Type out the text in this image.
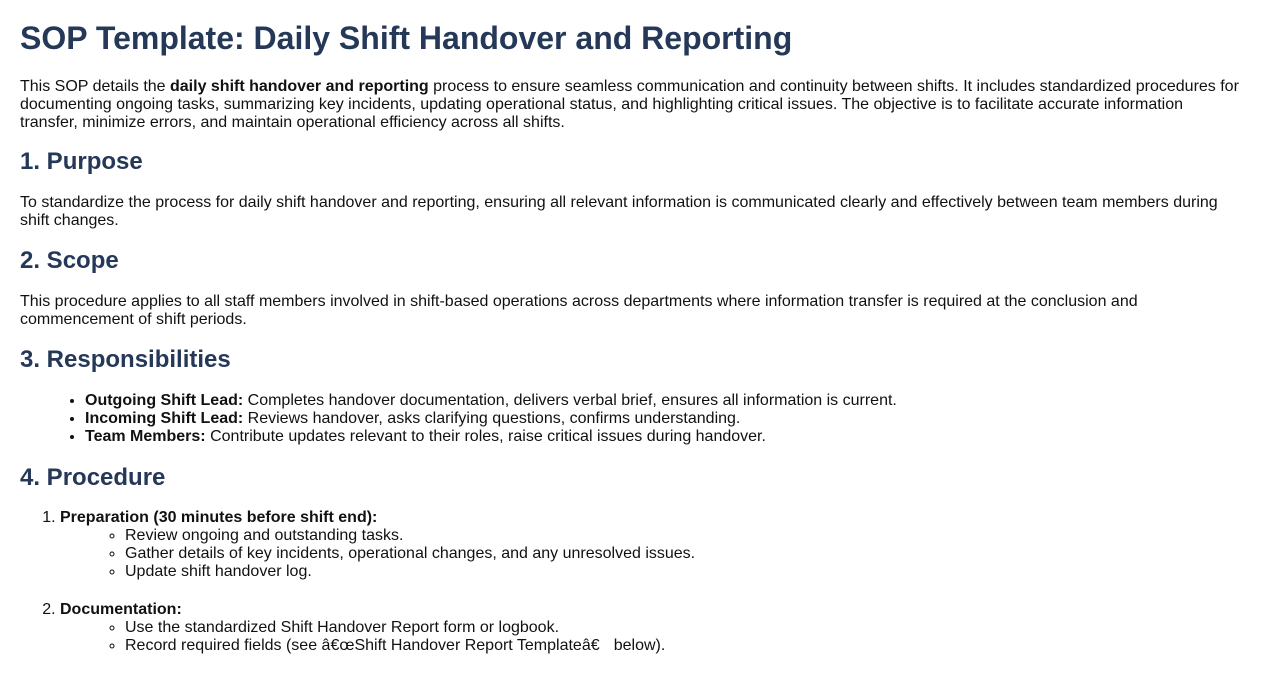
SOP Template: Daily Shift Handover and Reporting

This SOP details the daily shift handover and reporting process to ensure seamless communication and continuity between shifts. It includes standardized procedures for documenting ongoing tasks, summarizing key incidents, updating operational status, and highlighting critical issues. The objective is to facilitate accurate information transfer, minimize errors, and maintain operational efficiency across all shifts.

1. Purpose

To standardize the process for daily shift handover and reporting, ensuring all relevant information is communicated clearly and effectively between team members during shift changes.

2. Scope

This procedure applies to all staff members involved in shift-based operations across departments where information transfer is required at the conclusion and commencement of shift periods.

3. Responsibilities
• Outgoing Shift Lead: Completes handover documentation, delivers verbal brief, ensures all information is current.
• Incoming Shift Lead: Reviews handover, asks clarifying questions, confirms understanding.
• Team Members: Contribute updates relevant to their roles, raise critical issues during handover.
4. Procedure
1. Preparation (30 minutes before shift end):
◦ Review ongoing and outstanding tasks.
◦ Gather details of key incidents, operational changes, and any unresolved issues.
◦ Update shift handover log.
2. Documentation:
◦ Use the standardized Shift Handover Report form or logbook.
◦ Record required fields (see â€œShift Handover Report Templateâ€ below).
